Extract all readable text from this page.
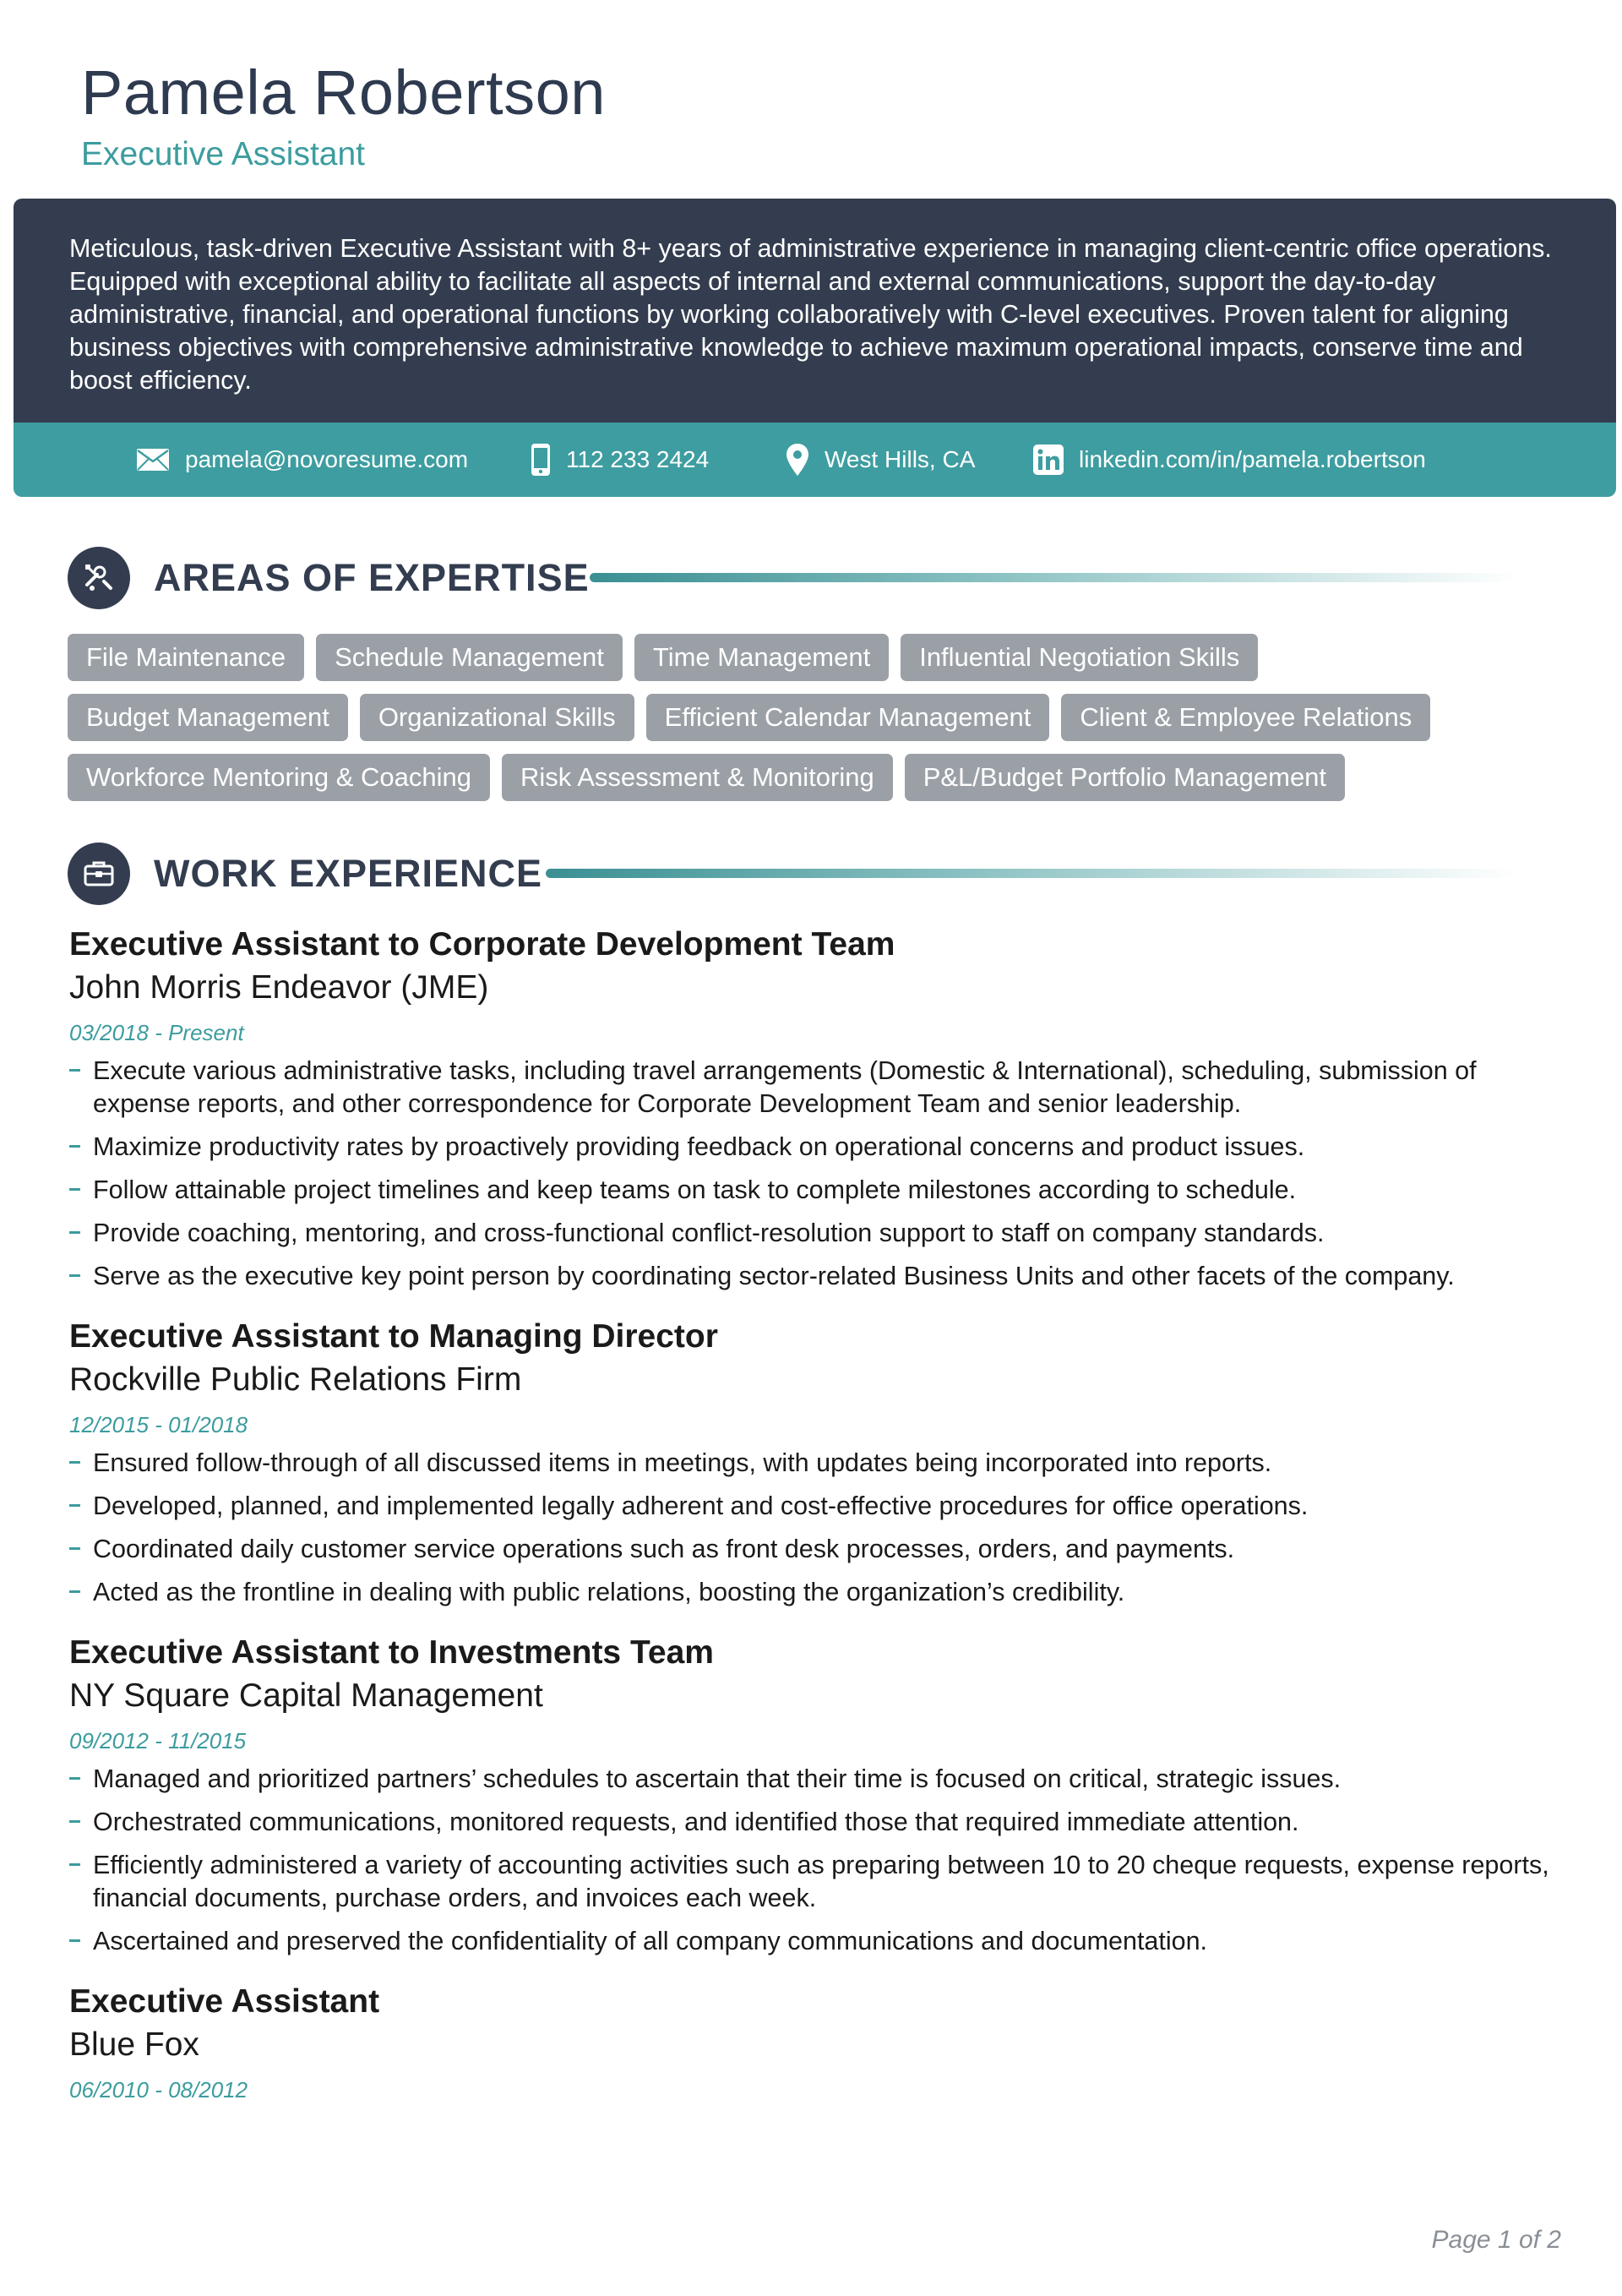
Pamela Robertson
Executive Assistant
Meticulous, task-driven Executive Assistant with 8+ years of administrative experience in managing client-centric office operations. Equipped with exceptional ability to facilitate all aspects of internal and external communications, support the day-to-day administrative, financial, and operational functions by working collaboratively with C-level executives. Proven talent for aligning business objectives with comprehensive administrative knowledge to achieve maximum operational impacts, conserve time and boost efficiency.
pamela@novoresume.com	112 233 2424	West Hills, CA	linkedin.com/in/pamela.robertson
AREAS OF EXPERTISE
File Maintenance	Schedule Management	Time Management	Influential Negotiation Skills
Budget Management	Organizational Skills	Efficient Calendar Management	Client & Employee Relations
Workforce Mentoring & Coaching	Risk Assessment & Monitoring	P&L/Budget Portfolio Management
WORK EXPERIENCE
Executive Assistant to Corporate Development Team
John Morris Endeavor (JME)
03/2018 - Present
Execute various administrative tasks, including travel arrangements (Domestic & International), scheduling, submission of expense reports, and other correspondence for Corporate Development Team and senior leadership.
Maximize productivity rates by proactively providing feedback on operational concerns and product issues.
Follow attainable project timelines and keep teams on task to complete milestones according to schedule.
Provide coaching, mentoring, and cross-functional conflict-resolution support to staff on company standards.
Serve as the executive key point person by coordinating sector-related Business Units and other facets of the company.
Executive Assistant to Managing Director
Rockville Public Relations Firm
12/2015 - 01/2018
Ensured follow-through of all discussed items in meetings, with updates being incorporated into reports.
Developed, planned, and implemented legally adherent and cost-effective procedures for office operations.
Coordinated daily customer service operations such as front desk processes, orders, and payments.
Acted as the frontline in dealing with public relations, boosting the organization’s credibility.
Executive Assistant to Investments Team
NY Square Capital Management
09/2012 - 11/2015
Managed and prioritized partners’ schedules to ascertain that their time is focused on critical, strategic issues.
Orchestrated communications, monitored requests, and identified those that required immediate attention.
Efficiently administered a variety of accounting activities such as preparing between 10 to 20 cheque requests, expense reports, financial documents, purchase orders, and invoices each week.
Ascertained and preserved the confidentiality of all company communications and documentation.
Executive Assistant
Blue Fox
06/2010 - 08/2012
Page 1 of 2
